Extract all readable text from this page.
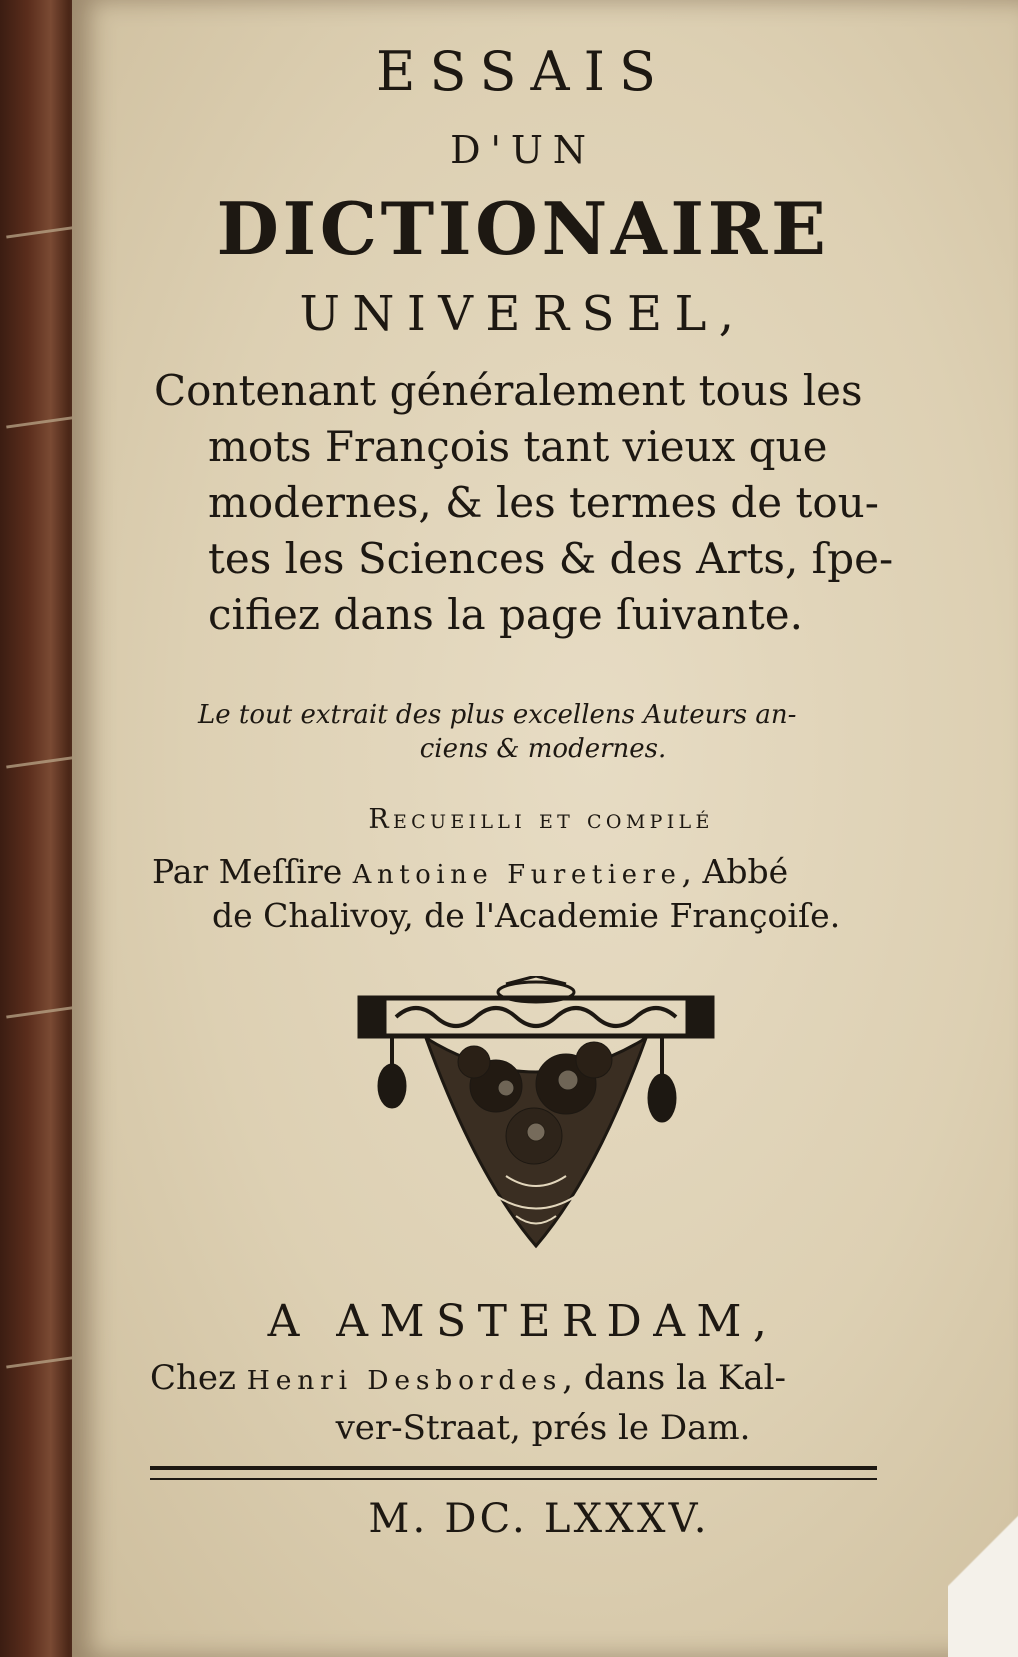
ESSAIS
D'UN
DICTIONAIRE
UNIVERSEL,
Contenant généralement tous les
mots François tant vieux que
modernes, & les termes de tou-
tes les Sciences & des Arts, ſpe-
cifiez dans la page ſuivante.
Le tout extrait des plus excellens Auteurs an-
ciens & modernes.
Recueilli et compilé
Par Meſſire Antoine Furetiere, Abbé
de Chalivoy, de l'Academie Françoiſe.
A AMSTERDAM,
Chez Henri Desbordes, dans la Kal-
ver-Straat, prés le Dam.
M. DC. LXXXV.
